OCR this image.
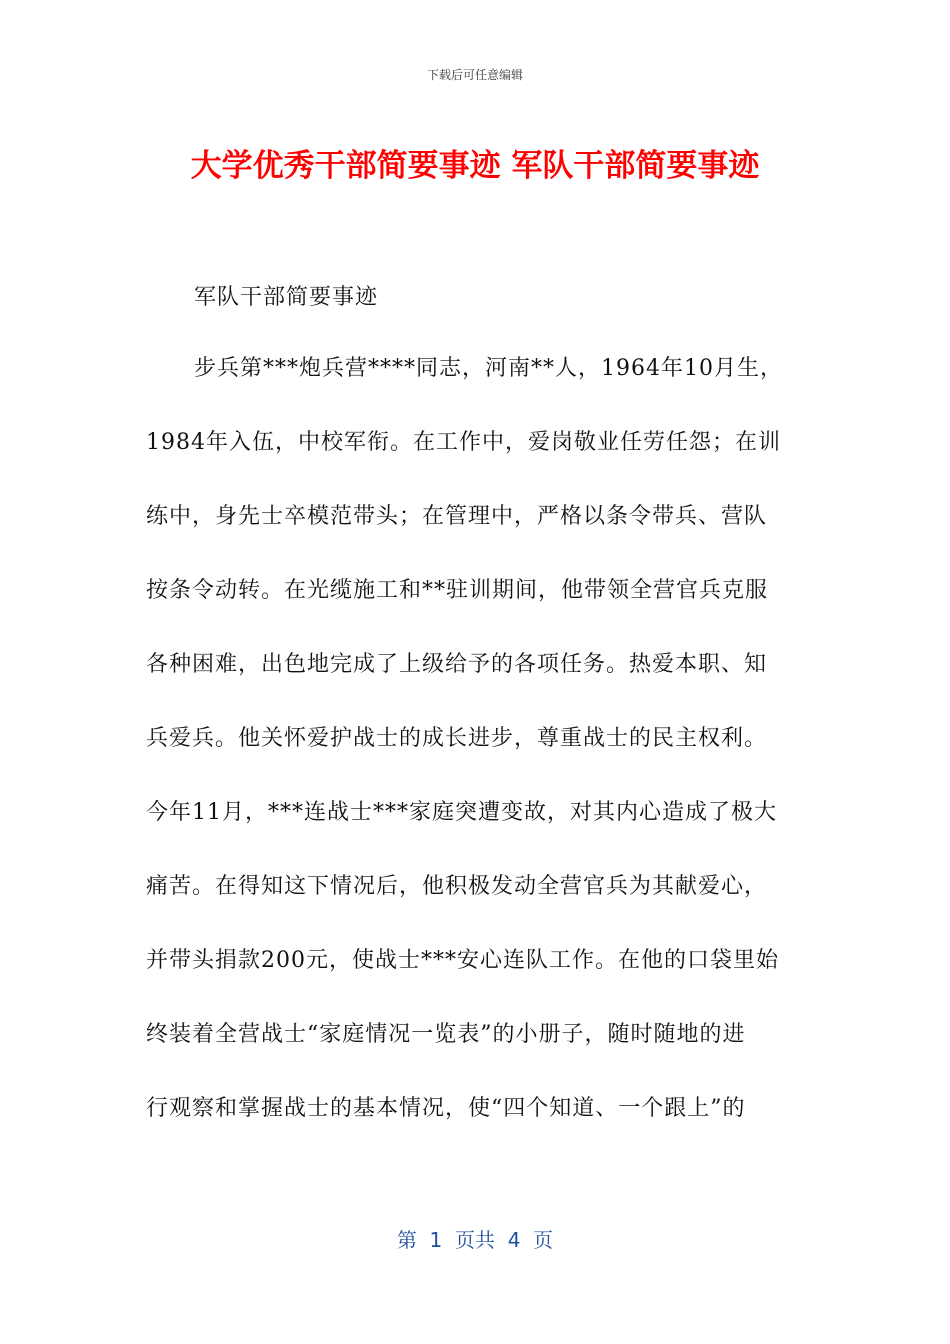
下载后可任意编辑
大学优秀干部简要事迹 军队干部简要事迹
军队干部简要事迹
步兵第***炮兵营****同志，河南**人，1964年10月生，
1984年入伍，中校军衔。在工作中，爱岗敬业任劳任怨；在训
练中，身先士卒模范带头；在管理中，严格以条令带兵、营队
按条令动转。在光缆施工和**驻训期间，他带领全营官兵克服
各种困难，出色地完成了上级给予的各项任务。热爱本职、知
兵爱兵。他关怀爱护战士的成长进步，尊重战士的民主权利。
今年11月，***连战士***家庭突遭变故，对其内心造成了极大
痛苦。在得知这下情况后，他积极发动全营官兵为其献爱心，
并带头捐款200元，使战士***安心连队工作。在他的口袋里始
终装着全营战士“家庭情况一览表”的小册子，随时随地的进
行观察和掌握战士的基本情况，使“四个知道、一个跟上”的
第  1  页共  4  页
